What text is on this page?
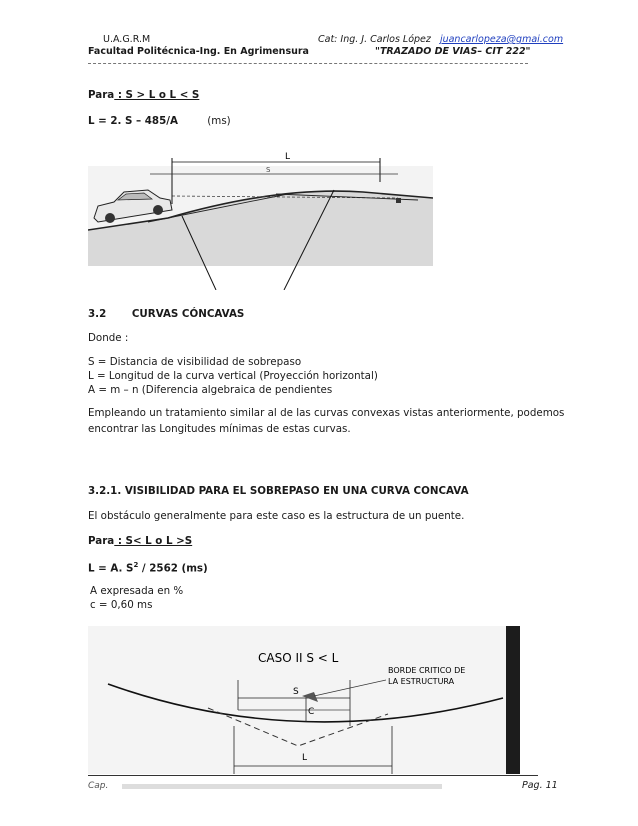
U.A.G.R.M
Facultad Politécnica-Ing. En Agrimensura
Cat: Ing. J. Carlos López juancarlopeza@gmai.com
"TRAZADO DE VIAS– CIT 222"
Para : S > L o L < S
L = 2. S – 485/A	(ms)
L
S
3.2 CURVAS CÓNCAVAS
Donde :
S = Distancia de visibilidad de sobrepaso
L = Longitud de la curva vertical (Proyección horizontal)
A = m – n (Diferencia algebraica de pendientes
Empleando un tratamiento similar al de las curvas convexas vistas anteriormente, podemos
encontrar las Longitudes mínimas de estas curvas.
3.2.1. VISIBILIDAD PARA EL SOBREPASO EN UNA CURVA CONCAVA
El obstáculo generalmente para este caso es la estructura de un puente.
Para : S< L o L >S
L = A. $S^2 / 2562$ (ms)
A expresada en %
c = 0,60 ms
CASO II S < L
BORDE CRITICO DE
LA ESTRUCTURA
S
C
L
Cap.	Pag. 11
